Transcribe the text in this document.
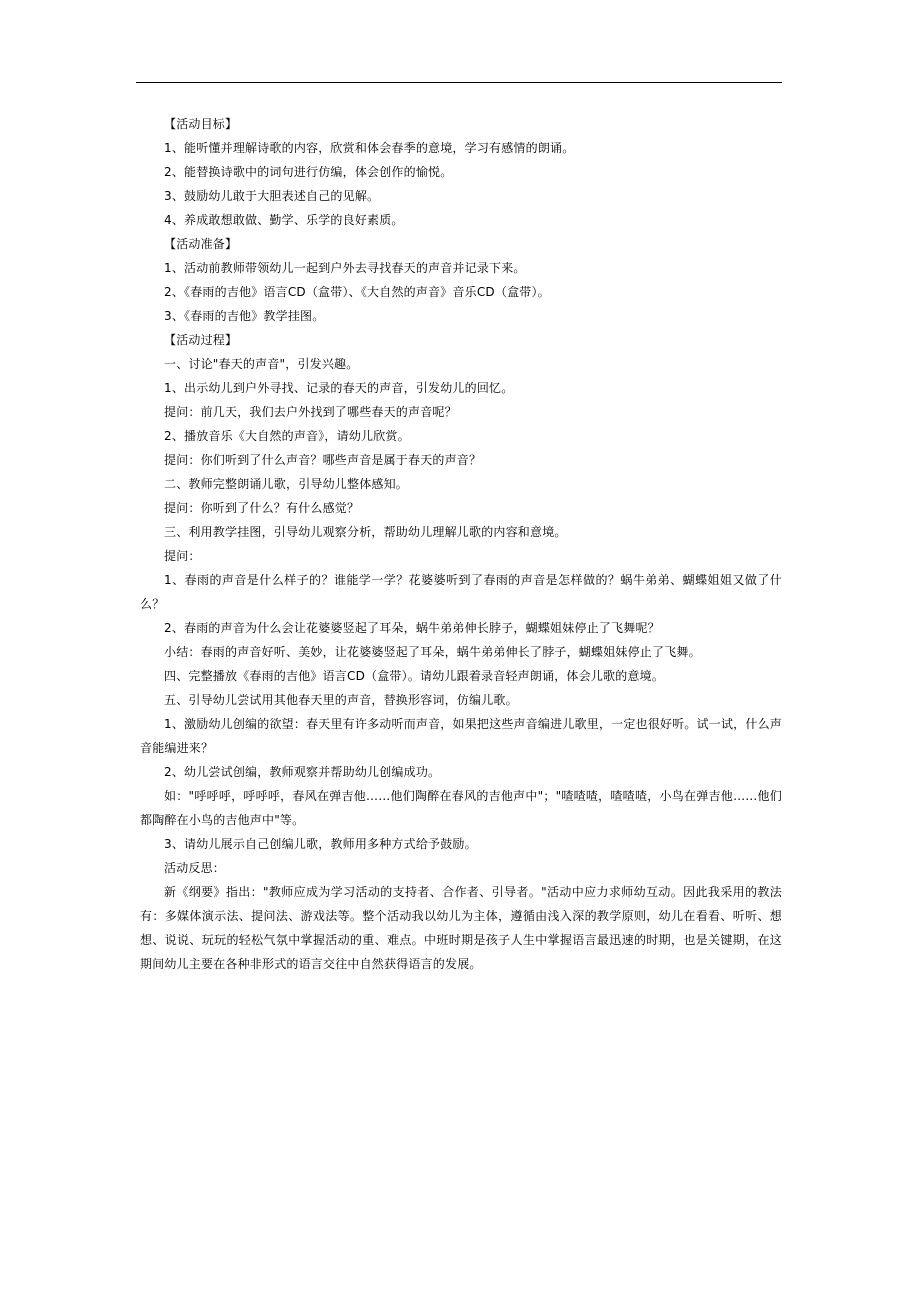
【活动目标】

1、能听懂并理解诗歌的内容，欣赏和体会春季的意境，学习有感情的朗诵。

2、能替换诗歌中的词句进行仿编，体会创作的愉悦。

3、鼓励幼儿敢于大胆表述自己的见解。

4、养成敢想敢做、勤学、乐学的良好素质。

【活动准备】

1、活动前教师带领幼儿一起到户外去寻找春天的声音并记录下来。

2、《春雨的吉他》语言CD（盒带）、《大自然的声音》音乐CD（盒带）。

3、《春雨的吉他》教学挂图。

【活动过程】

一、讨论"春天的声音"，引发兴趣。

1、出示幼儿到户外寻找、记录的春天的声音，引发幼儿的回忆。

提问：前几天，我们去户外找到了哪些春天的声音呢？

2、播放音乐《大自然的声音》，请幼儿欣赏。

提问：你们听到了什么声音？哪些声音是属于春天的声音？

二、教师完整朗诵儿歌，引导幼儿整体感知。

提问：你听到了什么？有什么感觉？

三、利用教学挂图，引导幼儿观察分析，帮助幼儿理解儿歌的内容和意境。

提问：

1、春雨的声音是什么样子的？谁能学一学？花婆婆听到了春雨的声音是怎样做的？蜗牛弟弟、蝴蝶姐姐又做了什么？

2、春雨的声音为什么会让花婆婆竖起了耳朵，蜗牛弟弟伸长脖子，蝴蝶姐妹停止了飞舞呢？

小结：春雨的声音好听、美妙，让花婆婆竖起了耳朵，蜗牛弟弟伸长了脖子，蝴蝶姐妹停止了飞舞。

四、完整播放《春雨的吉他》语言CD（盒带）。请幼儿跟着录音轻声朗诵，体会儿歌的意境。

五、引导幼儿尝试用其他春天里的声音，替换形容词，仿编儿歌。

1、激励幼儿创编的欲望：春天里有许多动听而声音，如果把这些声音编进儿歌里，一定也很好听。试一试，什么声音能编进来？

2、幼儿尝试创编，教师观察并帮助幼儿创编成功。

如："呼呼呼，呼呼呼，春风在弹吉他……他们陶醉在春风的吉他声中"；"喳喳喳，喳喳喳，小鸟在弹吉他……他们都陶醉在小鸟的吉他声中"等。

3、请幼儿展示自己创编儿歌，教师用多种方式给予鼓励。

活动反思：

新《纲要》指出："教师应成为学习活动的支持者、合作者、引导者。"活动中应力求师幼互动。因此我采用的教法有：多媒体演示法、提问法、游戏法等。整个活动我以幼儿为主体，遵循由浅入深的教学原则，幼儿在看看、听听、想想、说说、玩玩的轻松气氛中掌握活动的重、难点。中班时期是孩子人生中掌握语言最迅速的时期，也是关键期，在这期间幼儿主要在各种非形式的语言交往中自然获得语言的发展。
